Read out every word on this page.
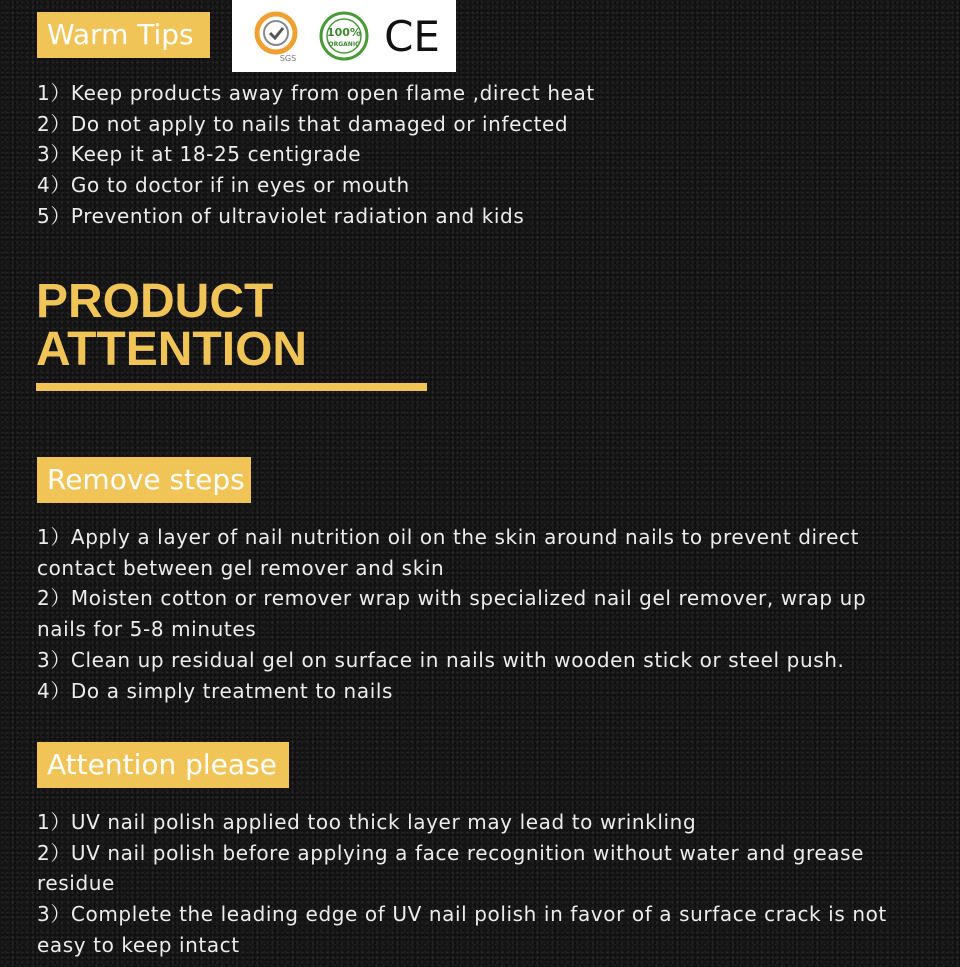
Warm Tips
SGS
100%
ORGANIC CE
1）Keep products away from open flame ,direct heat
2）Do not apply to nails that damaged or infected
3）Keep it at 18-25 centigrade
4）Go to doctor if in eyes or mouth
5）Prevention of ultraviolet radiation and kids
PRODUCT
ATTENTION
Remove steps
1）Apply a layer of nail nutrition oil on the skin around nails to prevent direct
contact between gel remover and skin
2）Moisten cotton or remover wrap with specialized nail gel remover, wrap up
nails for 5-8 minutes
3）Clean up residual gel on surface in nails with wooden stick or steel push.
4）Do a simply treatment to nails
Attention please
1）UV nail polish applied too thick layer may lead to wrinkling
2）UV nail polish before applying a face recognition without water and grease
residue
3）Complete the leading edge of UV nail polish in favor of a surface crack is not
easy to keep intact
